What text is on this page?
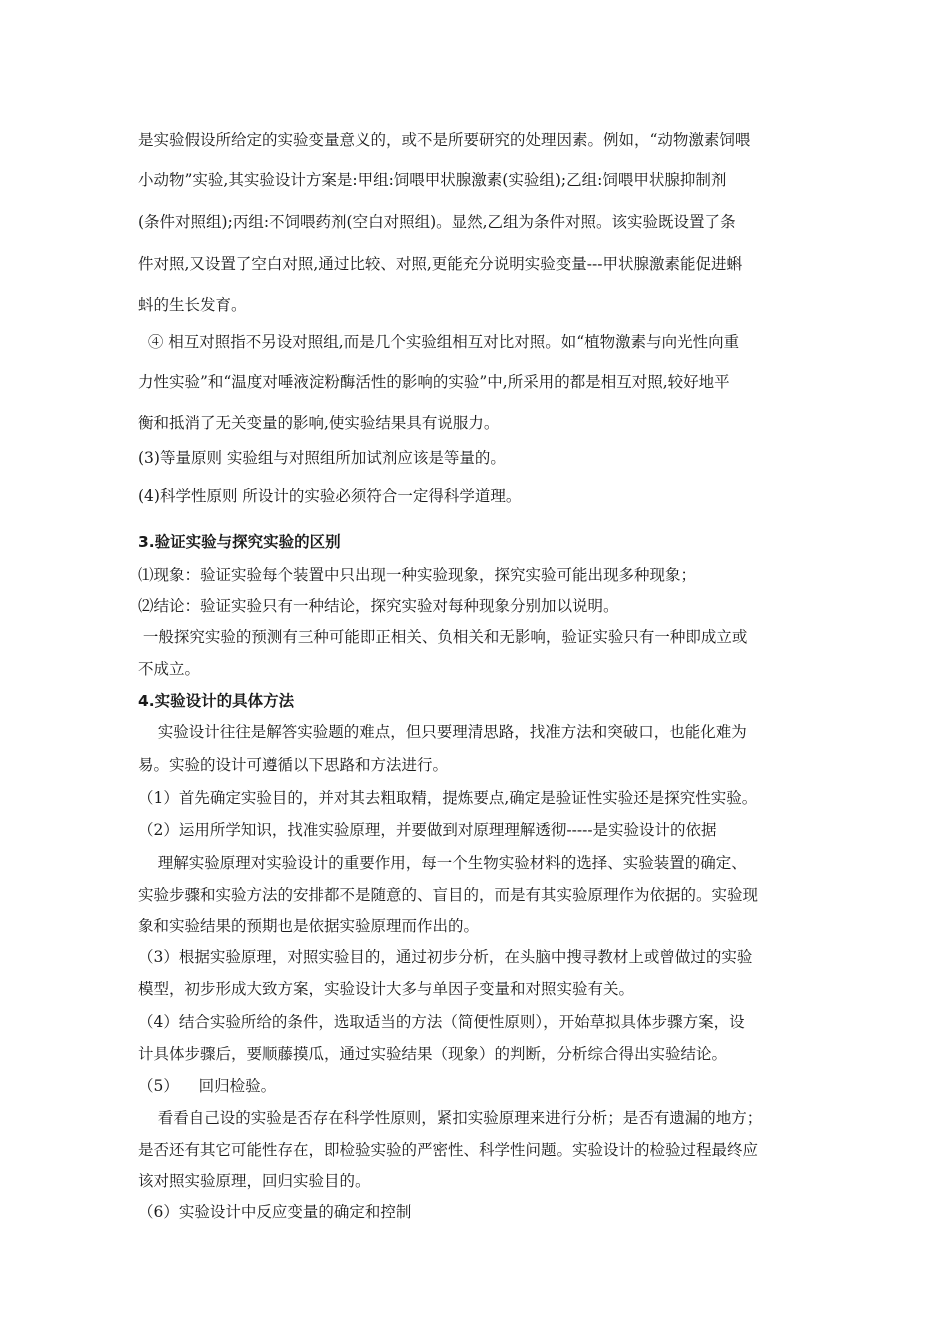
是实验假设所给定的实验变量意义的，或不是所要研究的处理因素。例如，“动物激素饲喂
小动物”实验,其实验设计方案是:甲组:饲喂甲状腺激素(实验组);乙组:饲喂甲状腺抑制剂
(条件对照组);丙组:不饲喂药剂(空白对照组)。显然,乙组为条件对照。该实验既设置了条
件对照,又设置了空白对照,通过比较、对照,更能充分说明实验变量---甲状腺激素能促进蝌
蚪的生长发育。
④ 相互对照指不另设对照组,而是几个实验组相互对比对照。如“植物激素与向光性向重
力性实验”和“温度对唾液淀粉酶活性的影响的实验”中,所采用的都是相互对照,较好地平
衡和抵消了无关变量的影响,使实验结果具有说服力。
(3)等量原则 实验组与对照组所加试剂应该是等量的。
(4)科学性原则 所设计的实验必须符合一定得科学道理。
3.验证实验与探究实验的区别
⑴现象：验证实验每个装置中只出现一种实验现象，探究实验可能出现多种现象；
⑵结论：验证实验只有一种结论，探究实验对每种现象分别加以说明。
一般探究实验的预测有三种可能即正相关、负相关和无影响，验证实验只有一种即成立或
不成立。
4.实验设计的具体方法
实验设计往往是解答实验题的难点，但只要理清思路，找准方法和突破口，也能化难为
易。实验的设计可遵循以下思路和方法进行。
（1）首先确定实验目的，并对其去粗取精，提炼要点,确定是验证性实验还是探究性实验。
（2）运用所学知识，找准实验原理，并要做到对原理理解透彻-----是实验设计的依据
理解实验原理对实验设计的重要作用，每一个生物实验材料的选择、实验装置的确定、
实验步骤和实验方法的安排都不是随意的、盲目的，而是有其实验原理作为依据的。实验现
象和实验结果的预期也是依据实验原理而作出的。
（3）根据实验原理，对照实验目的，通过初步分析，在头脑中搜寻教材上或曾做过的实验
模型，初步形成大致方案，实验设计大多与单因子变量和对照实验有关。
（4）结合实验所给的条件，选取适当的方法（简便性原则），开始草拟具体步骤方案，设
计具体步骤后，要顺藤摸瓜，通过实验结果（现象）的判断，分析综合得出实验结论。
（5）    回归检验。
看看自己设的实验是否存在科学性原则，紧扣实验原理来进行分析；是否有遗漏的地方；
是否还有其它可能性存在，即检验实验的严密性、科学性问题。实验设计的检验过程最终应
该对照实验原理，回归实验目的。
（6）实验设计中反应变量的确定和控制
